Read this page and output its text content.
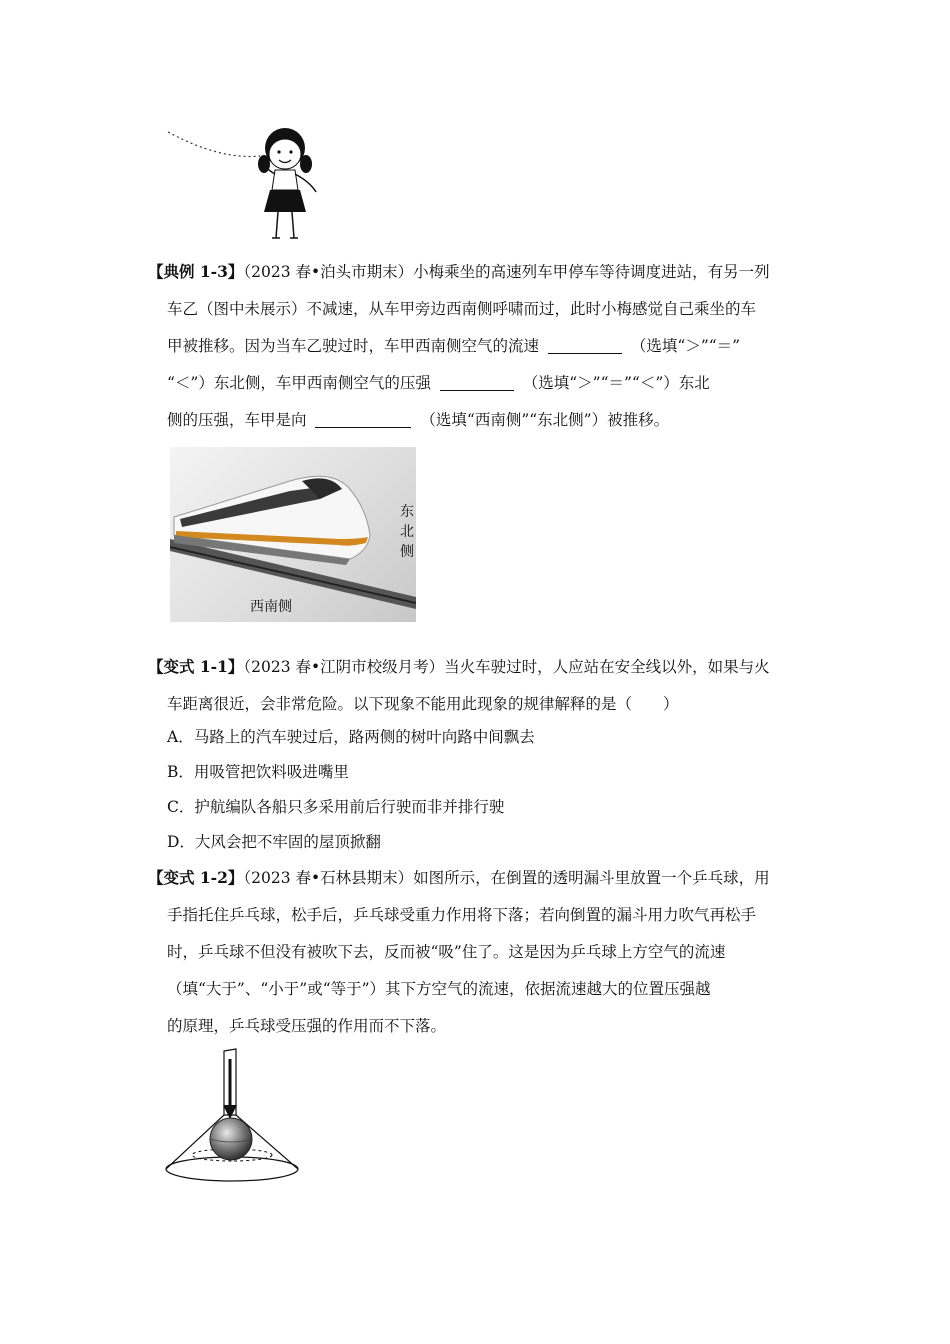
【典例 1-3】（2023 春•泊头市期末）小梅乘坐的高速列车甲停车等待调度进站，有另一列
车乙（图中未展示）不减速，从车甲旁边西南侧呼啸而过，此时小梅感觉自己乘坐的车
甲被推移。因为当车乙驶过时，车甲西南侧空气的流速	（选填“＞”“＝”
“＜”）东北侧，车甲西南侧空气的压强	（选填“＞”“＝”“＜”）东北
侧的压强，车甲是向	（选填“西南侧”“东北侧”）被推移。
东北侧
西南侧
【变式 1-1】（2023 春•江阴市校级月考）当火车驶过时，人应站在安全线以外，如果与火
车距离很近，会非常危险。以下现象不能用此现象的规律解释的是（　　）
A．马路上的汽车驶过后，路两侧的树叶向路中间飘去
B．用吸管把饮料吸进嘴里
C．护航编队各船只多采用前后行驶而非并排行驶
D．大风会把不牢固的屋顶掀翻
【变式 1-2】（2023 春•石林县期末）如图所示，在倒置的透明漏斗里放置一个乒乓球，用
手指托住乒乓球，松手后，乒乓球受重力作用将下落；若向倒置的漏斗用力吹气再松手
时，乒乓球不但没有被吹下去，反而被“吸”住了。这是因为乒乓球上方空气的流速
（填“大于”、“小于”或“等于”）其下方空气的流速，依据流速越大的位置压强越
的原理，乒乓球受压强的作用而不下落。
